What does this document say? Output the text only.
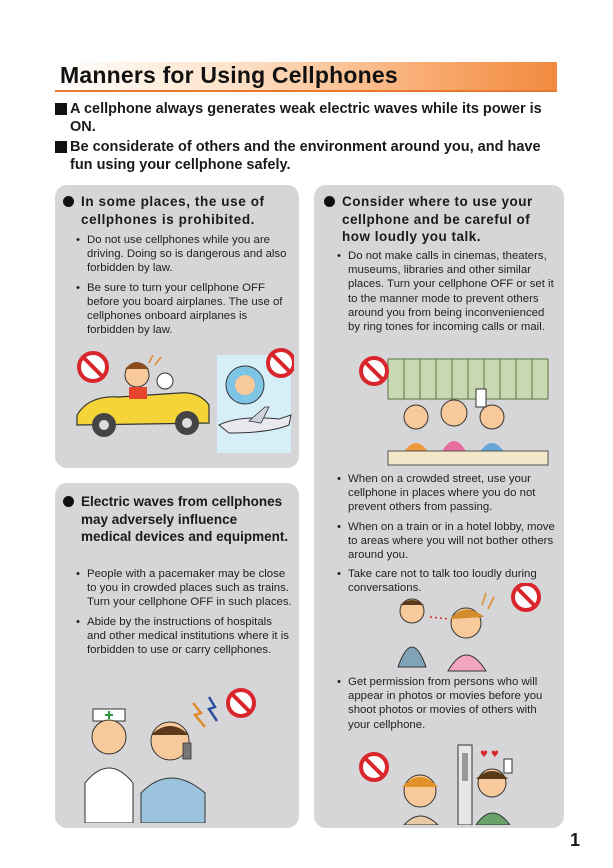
Manners for Using Cellphones
A cellphone always generates weak electric waves while its power is ON.
Be considerate of others and the environment around you, and have fun using your cellphone safely.
In some places, the use of cellphones is prohibited.
• Do not use cellphones while you are driving. Doing so is dangerous and also forbidden by law.
• Be sure to turn your cellphone OFF before you board airplanes. The use of cellphones onboard airplanes is forbidden by law.
Electric waves from cellphones may adversely influence medical devices and equipment.
• People with a pacemaker may be close to you in crowded places such as trains. Turn your cellphone OFF in such places.
• Abide by the instructions of hospitals and other medical institutions where it is forbidden to use or carry cellphones.
Consider where to use your cellphone and be careful of how loudly you talk.
• Do not make calls in cinemas, theaters, museums, libraries and other similar places. Turn your cellphone OFF or set it to the manner mode to prevent others around you from being inconvenienced by ring tones for incoming calls or mail.
• When on a crowded street, use your cellphone in places where you do not prevent others from passing.
• When on a train or in a hotel lobby, move to areas where you will not bother others around you.
• Take care not to talk too loudly during conversations.
• Get permission from persons who will appear in photos or movies before you shoot photos or movies of others with your cellphone.
♥ ♥
1
